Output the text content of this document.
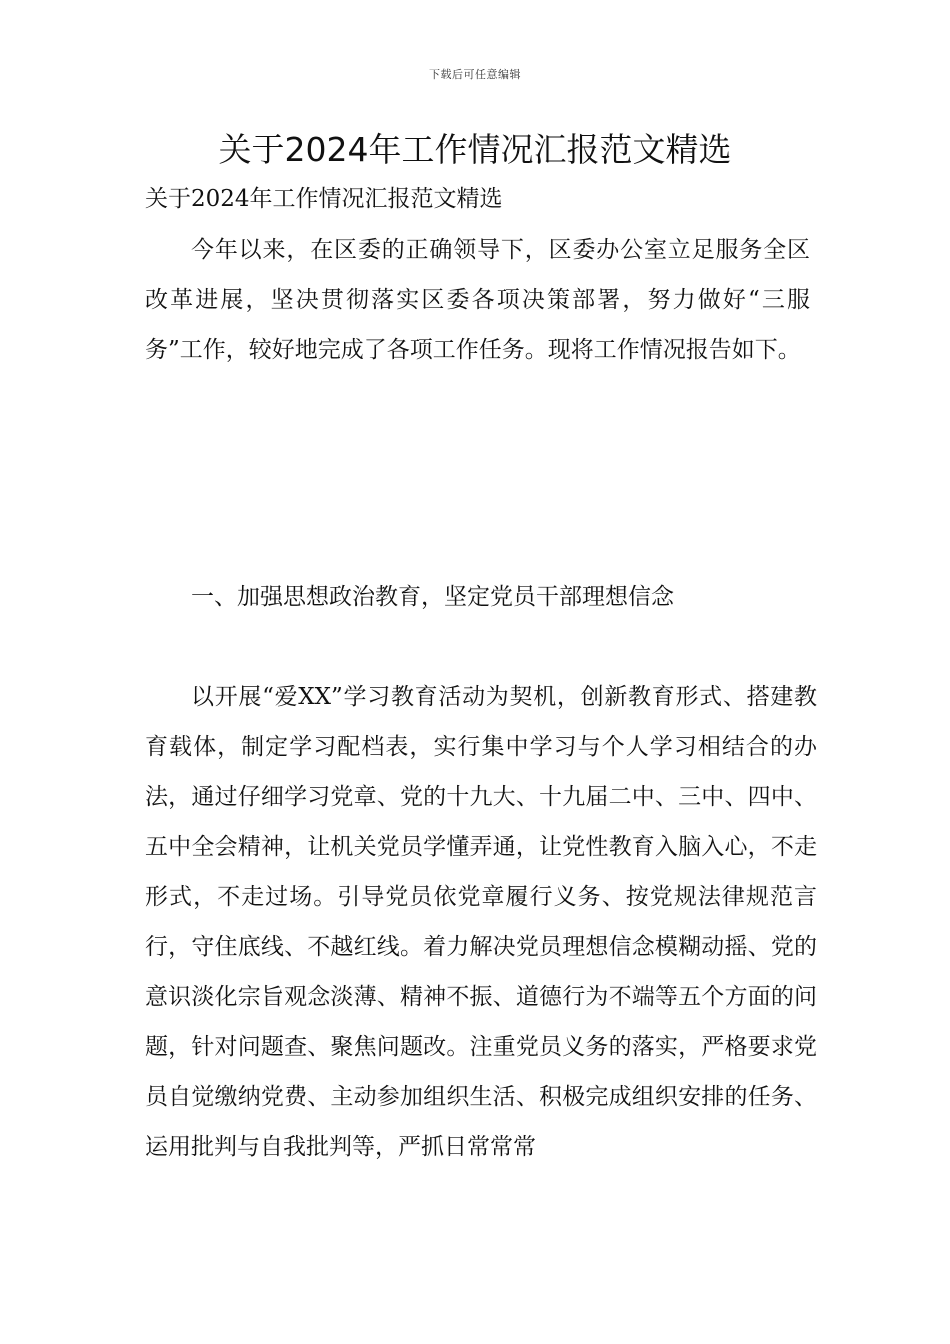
下载后可任意编辑
关于2024年工作情况汇报范文精选
关于2024年工作情况汇报范文精选

今年以来，在区委的正确领导下，区委办公室立足服务全区改革进展，坚决贯彻落实区委各项决策部署，努力做好“三服务”工作，较好地完成了各项工作任务。现将工作情况报告如下。

一、加强思想政治教育，坚定党员干部理想信念

以开展“爱XX”学习教育活动为契机，创新教育形式、搭建教育载体，制定学习配档表，实行集中学习与个人学习相结合的办法，通过仔细学习党章、党的十九大、十九届二中、三中、四中、五中全会精神，让机关党员学懂弄通，让党性教育入脑入心，不走形式，不走过场。引导党员依党章履行义务、按党规法律规范言行，守住底线、不越红线。着力解决党员理想信念模糊动摇、党的意识淡化宗旨观念淡薄、精神不振、道德行为不端等五个方面的问题，针对问题查、聚焦问题改。注重党员义务的落实，严格要求党员自觉缴纳党费、主动参加组织生活、积极完成组织安排的任务、运用批判与自我批判等，严抓日常常常
